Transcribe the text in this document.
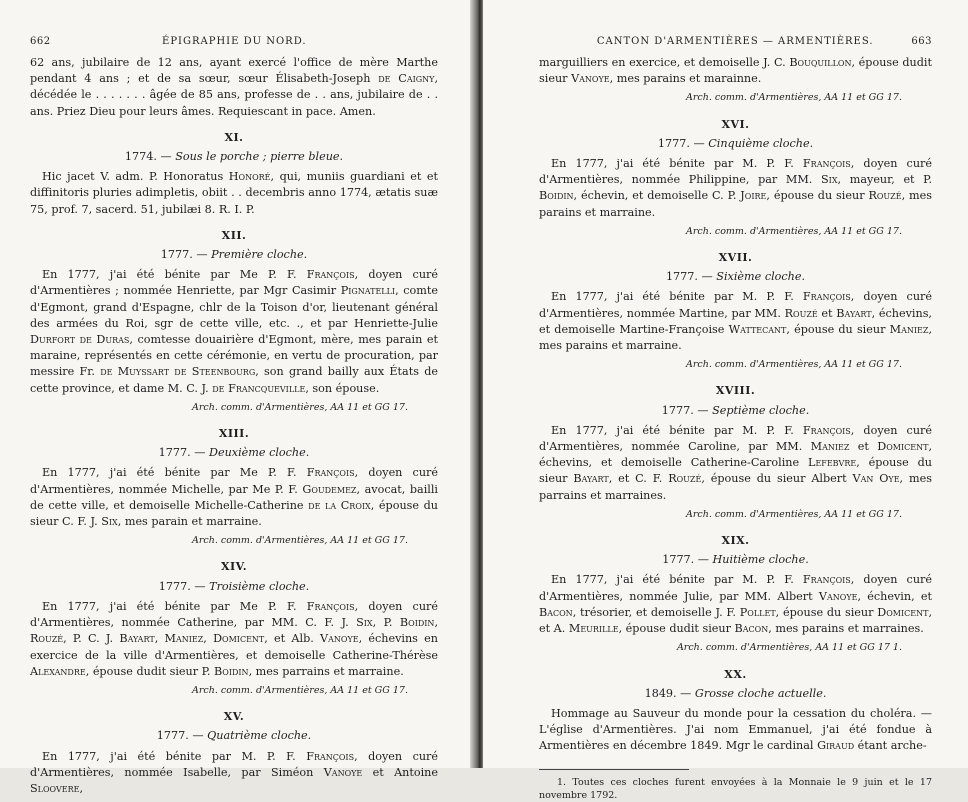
662	ÉPIGRAPHIE DU NORD.

62 ans, jubilaire de 12 ans, ayant exercé l'office de mère Marthe pendant 4 ans ; et de sa sœur, sœur Élisabeth-Joseph de Caigny, décédée le . . . . . . . âgée de 85 ans, professe de . . ans, jubilaire de . . ans. Priez Dieu pour leurs âmes. Requiescant in pace. Amen.

XI.
1774. — Sous le porche ; pierre bleue.

Hic jacet V. adm. P. Honoratus Honoré, qui, muniis guardiani et et diffinitoris pluries adimpletis, obiit . . decembris anno 1774, ætatis suæ 75, prof. 7, sacerd. 51, jubilæi 8. R. I. P.

XII.
1777. — Première cloche.

En 1777, j'ai été bénite par Me P. F. François, doyen curé d'Armentières ; nommée Henriette, par Mgr Casimir Pignatelli, comte d'Egmont, grand d'Espagne, chlr de la Toison d'or, lieutenant général des armées du Roi, sgr de cette ville, etc. ., et par Henriette-Julie Durfort de Duras, comtesse douairière d'Egmont, mère, mes parain et maraine, représentés en cette cérémonie, en vertu de procuration, par messire Fr. de Muyssart de Steenbourg, son grand bailly aux États de cette province, et dame M. C. J. de Francqueville, son épouse.

Arch. comm. d'Armentières, AA 11 et GG 17.
XIII.
1777. — Deuxième cloche.

En 1777, j'ai été bénite par Me P. F. François, doyen curé d'Armentières, nommée Michelle, par Me P. F. Goudemez, avocat, bailli de cette ville, et demoiselle Michelle-Catherine de la Croix, épouse du sieur C. F. J. Six, mes parain et marraine.

Arch. comm. d'Armentières, AA 11 et GG 17.
XIV.
1777. — Troisième cloche.

En 1777, j'ai été bénite par Me P. F. François, doyen curé d'Armentières, nommée Catherine, par MM. C. F. J. Six, P. Boidin, Rouzé, P. C. J. Bayart, Maniez, Domicent, et Alb. Vanoye, échevins en exercice de la ville d'Armentières, et demoiselle Catherine-Thérèse Alexandre, épouse dudit sieur P. Boidin, mes parrains et marraine.

Arch. comm. d'Armentières, AA 11 et GG 17.
XV.
1777. — Quatrième cloche.

En 1777, j'ai été bénite par M. P. F. François, doyen curé d'Armentières, nommée Isabelle, par Siméon Vanoye et Antoine Sloovere,

CANTON D'ARMENTIÈRES — ARMENTIÈRES.	663

marguilliers en exercice, et demoiselle J. C. Bouquillon, épouse dudit sieur Vanoye, mes parains et marainne.

Arch. comm. d'Armentières, AA 11 et GG 17.
XVI.
1777. — Cinquième cloche.

En 1777, j'ai été bénite par M. P. F. François, doyen curé d'Armentières, nommée Philippine, par MM. Six, mayeur, et P. Boidin, échevin, et demoiselle C. P. Joire, épouse du sieur Rouzé, mes parains et marraine.

Arch. comm. d'Armentières, AA 11 et GG 17.
XVII.
1777. — Sixième cloche.

En 1777, j'ai été bénite par M. P. F. François, doyen curé d'Armentières, nommée Martine, par MM. Rouzé et Bayart, échevins, et demoiselle Martine-Françoise Wattecant, épouse du sieur Maniez, mes parains et marraine.

Arch. comm. d'Armentières, AA 11 et GG 17.
XVIII.
1777. — Septième cloche.

En 1777, j'ai été bénite par M. P. F. François, doyen curé d'Armentières, nommée Caroline, par MM. Maniez et Domicent, échevins, et demoiselle Catherine-Caroline Lefebvre, épouse du sieur Bayart, et C. F. Rouzé, épouse du sieur Albert Van Oye, mes parrains et marraines.

Arch. comm. d'Armentières, AA 11 et GG 17.
XIX.
1777. — Huitième cloche.

En 1777, j'ai été bénite par M. P. F. François, doyen curé d'Armentières, nommée Julie, par MM. Albert Vanoye, échevin, et Bacon, trésorier, et demoiselle J. F. Pollet, épouse du sieur Domicent, et A. Meurille, épouse dudit sieur Bacon, mes parains et marraines.

Arch. comm. d'Armentières, AA 11 et GG 17 1.
XX.
1849. — Grosse cloche actuelle.

Hommage au Sauveur du monde pour la cessation du choléra. — L'église d'Armentières. J'ai nom Emmanuel, j'ai été fondue à Armentières en décembre 1849. Mgr le cardinal Giraud étant arche-

1. Toutes ces cloches furent envoyées à la Monnaie le 9 juin et le 17 novembre 1792.
